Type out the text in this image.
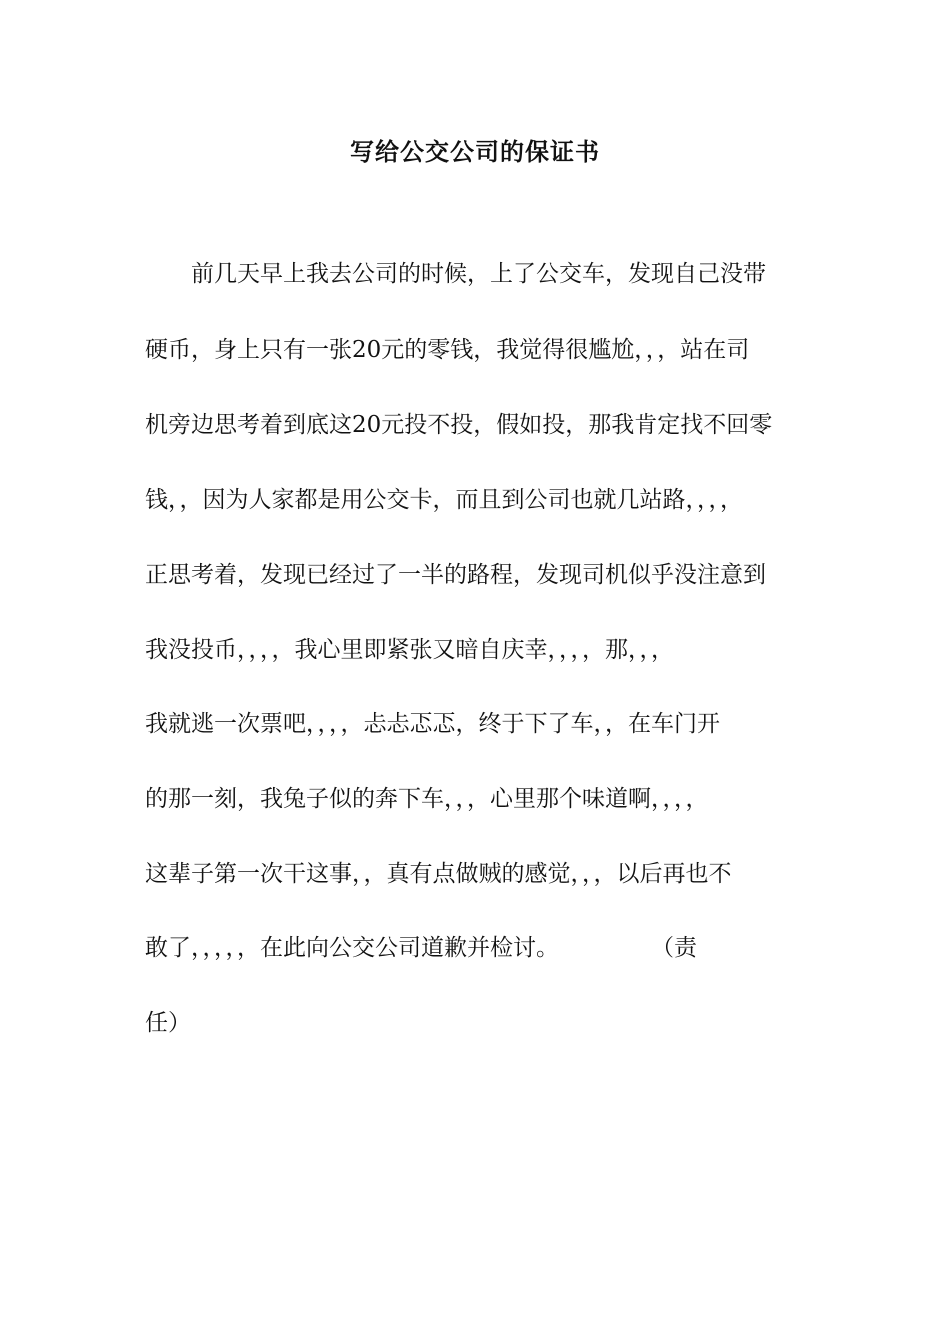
写给公交公司的保证书
　　前几天早上我去公司的时候，上了公交车，发现自己没带
硬币，身上只有一张20元的零钱，我觉得很尴尬，，，站在司
机旁边思考着到底这20元投不投，假如投，那我肯定找不回零
钱，，因为人家都是用公交卡，而且到公司也就几站路，，，，
正思考着，发现已经过了一半的路程，发现司机似乎没注意到
我没投币，，，，我心里即紧张又暗自庆幸，，，，那，，，
我就逃一次票吧，，，，忐忐忑忑，终于下了车，，在车门开
的那一刻，我兔子似的奔下车，，，心里那个味道啊，，，，
这辈子第一次干这事，，真有点做贼的感觉，，，以后再也不
敢了，，，，，在此向公交公司道歉并检讨。　　　　　（责
任）
